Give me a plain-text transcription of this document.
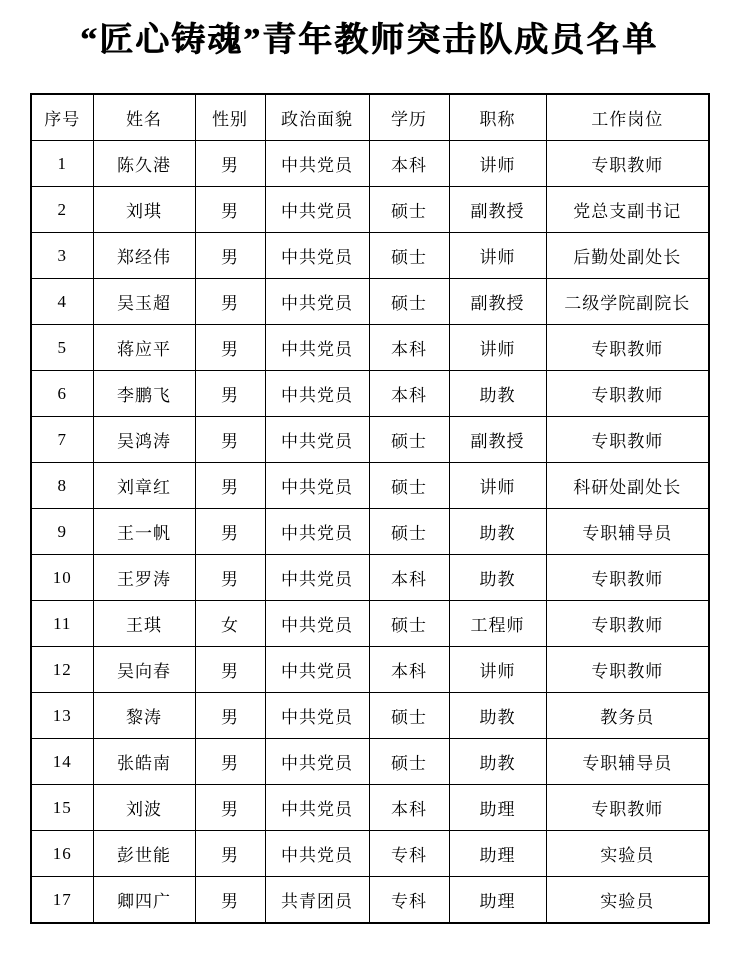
“匠心铸魂”青年教师突击队成员名单
序号	姓名	性别	政治面貌	学历	职称	工作岗位
1	陈久港	男	中共党员	本科	讲师	专职教师
2	刘琪	男	中共党员	硕士	副教授	党总支副书记
3	郑经伟	男	中共党员	硕士	讲师	后勤处副处长
4	吴玉超	男	中共党员	硕士	副教授	二级学院副院长
5	蒋应平	男	中共党员	本科	讲师	专职教师
6	李鹏飞	男	中共党员	本科	助教	专职教师
7	吴鸿涛	男	中共党员	硕士	副教授	专职教师
8	刘章红	男	中共党员	硕士	讲师	科研处副处长
9	王一帆	男	中共党员	硕士	助教	专职辅导员
10	王罗涛	男	中共党员	本科	助教	专职教师
11	王琪	女	中共党员	硕士	工程师	专职教师
12	吴向春	男	中共党员	本科	讲师	专职教师
13	黎涛	男	中共党员	硕士	助教	教务员
14	张皓南	男	中共党员	硕士	助教	专职辅导员
15	刘波	男	中共党员	本科	助理	专职教师
16	彭世能	男	中共党员	专科	助理	实验员
17	卿四广	男	共青团员	专科	助理	实验员
